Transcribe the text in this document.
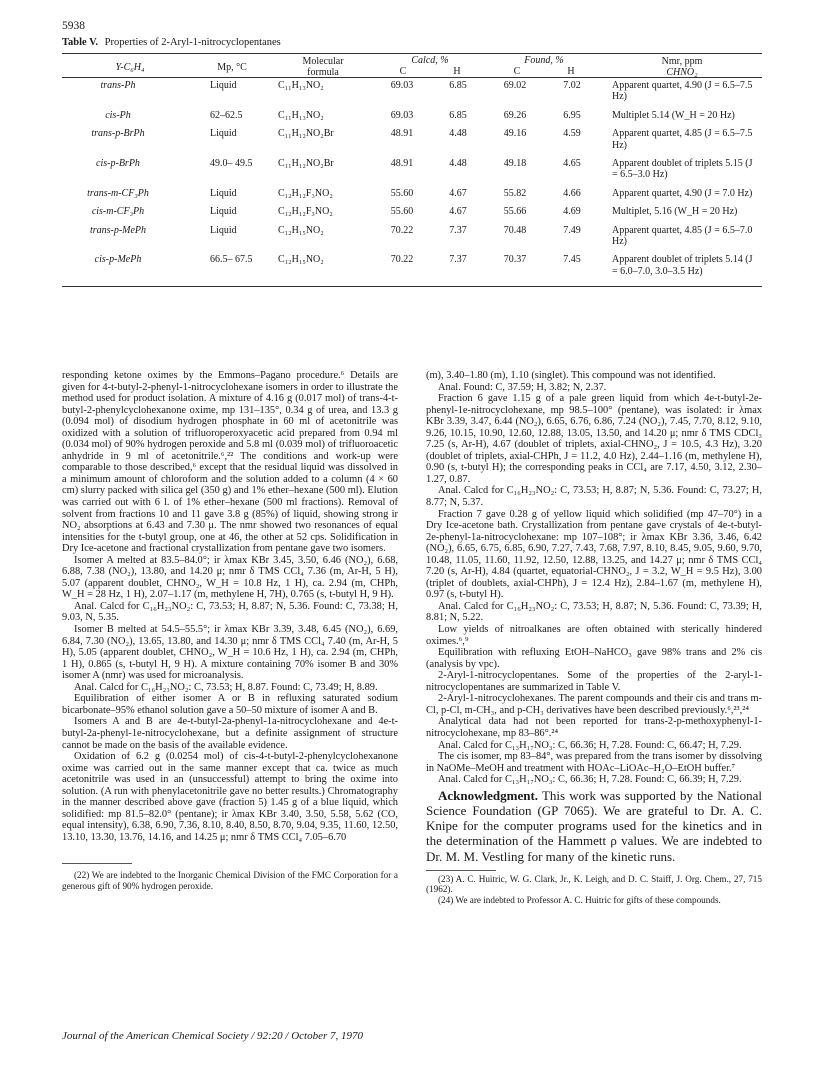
5938
Table V. Properties of 2-Aryl-1-nitrocyclopentanes
Y-C₆H₄	Mp, °C
Molecular
formula
Calcd, %
C	H
Found, %
C	H
Nmr, ppm
CHNO₂
trans-Ph	Liquid	C₁₁H₁₃NO₂	69.03	6.85	69.02	7.02	Apparent quartet, 4.90 (J = 6.5–7.5 Hz)
cis-Ph	62–62.5	C₁₁H₁₃NO₂	69.03	6.85	69.26	6.95	Multiplet 5.14 (W_H = 20 Hz)
trans-p-BrPh	Liquid	C₁₁H₁₂NO₂Br	48.91	4.48	49.16	4.59	Apparent quartet, 4.85 (J = 6.5–7.5 Hz)
cis-p-BrPh	49.0– 49.5	C₁₁H₁₂NO₂Br	48.91	4.48	49.18	4.65	Apparent doublet of triplets 5.15 (J = 6.5–3.0 Hz)
trans-m-CF₃Ph	Liquid	C₁₂H₁₂F₃NO₂	55.60	4.67	55.82	4.66	Apparent quartet, 4.90 (J = 7.0 Hz)
cis-m-CF₃Ph	Liquid	C₁₂H₁₂F₃NO₂	55.60	4.67	55.66	4.69	Multiplet, 5.16 (W_H = 20 Hz)
trans-p-MePh	Liquid	C₁₂H₁₅NO₂	70.22	7.37	70.48	7.49	Apparent quartet, 4.85 (J = 6.5–7.0 Hz)
cis-p-MePh	66.5– 67.5	C₁₂H₁₅NO₂	70.22	7.37	70.37	7.45	Apparent doublet of triplets 5.14 (J = 6.0–7.0, 3.0–3.5 Hz)

responding ketone oximes by the Emmons–Pagano procedure.⁶ Details are given for 4-t-butyl-2-phenyl-1-nitrocyclohexane isomers in order to illustrate the method used for product isolation. A mixture of 4.16 g (0.017 mol) of trans-4-t-butyl-2-phenylcyclohexanone oxime, mp 131–135°, 0.34 g of urea, and 13.3 g (0.094 mol) of disodium hydrogen phosphate in 60 ml of acetonitrile was oxidized with a solution of trifluoroperoxyacetic acid prepared from 0.94 ml (0.034 mol) of 90% hydrogen peroxide and 5.8 ml (0.039 mol) of trifluoroacetic anhydride in 9 ml of acetonitrile.⁶,²² The conditions and work-up were comparable to those described,⁶ except that the residual liquid was dissolved in a minimum amount of chloroform and the solution added to a column (4 × 60 cm) slurry packed with silica gel (350 g) and 1% ether–hexane (500 ml). Elution was carried out with 6 l. of 1% ether–hexane (500 ml fractions). Removal of solvent from fractions 10 and 11 gave 3.8 g (85%) of liquid, showing strong ir NO₂ absorptions at 6.43 and 7.30 μ. The nmr showed two resonances of equal intensities for the t-butyl group, one at 46, the other at 52 cps. Solidification in Dry Ice-acetone and fractional crystallization from pentane gave two isomers.

Isomer A melted at 83.5–84.0°; ir λmax KBr 3.45, 3.50, 6.46 (NO₂), 6.68, 6.88, 7.38 (NO₂), 13.80, and 14.20 μ; nmr δ TMS CCl₄ 7.36 (m, Ar-H, 5 H), 5.07 (apparent doublet, CHNO₂, W_H = 10.8 Hz, 1 H), ca. 2.94 (m, CHPh, W_H = 28 Hz, 1 H), 2.07–1.17 (m, methylene H, 7H), 0.765 (s, t-butyl H, 9 H).

Anal. Calcd for C₁₆H₂₃NO₂: C, 73.53; H, 8.87; N, 5.36. Found: C, 73.38; H, 9.03, N, 5.35.

Isomer B melted at 54.5–55.5°; ir λmax KBr 3.39, 3.48, 6.45 (NO₂), 6.69, 6.84, 7.30 (NO₂), 13.65, 13.80, and 14.30 μ; nmr δ TMS CCl₄ 7.40 (m, Ar-H, 5 H), 5.05 (apparent doublet, CHNO₂, W_H = 10.6 Hz, 1 H), ca. 2.94 (m, CHPh, 1 H), 0.865 (s, t-butyl H, 9 H). A mixture containing 70% isomer B and 30% isomer A (nmr) was used for microanalysis.

Anal. Calcd for C₁₆H₂₃NO₂: C, 73.53; H, 8.87. Found: C, 73.49; H, 8.89.

Equilibration of either isomer A or B in refluxing saturated sodium bicarbonate–95% ethanol solution gave a 50–50 mixture of isomer A and B.

Isomers A and B are 4e-t-butyl-2a-phenyl-1a-nitrocyclohexane and 4e-t-butyl-2a-phenyl-1e-nitrocyclohexane, but a definite assignment of structure cannot be made on the basis of the available evidence.

Oxidation of 6.2 g (0.0254 mol) of cis-4-t-butyl-2-phenylcyclohexanone oxime was carried out in the same manner except that ca. twice as much acetonitrile was used in an (unsuccessful) attempt to bring the oxime into solution. (A run with phenylacetonitrile gave no better results.) Chromatography in the manner described above gave (fraction 5) 1.45 g of a blue liquid, which solidified: mp 81.5–82.0° (pentane); ir λmax KBr 3.40, 3.50, 5.58, 5.62 (CO, equal intensity), 6.38, 6.90, 7.36, 8.10, 8.40, 8.50, 8.70, 9.04, 9.35, 11.60, 12.50, 13.10, 13.30, 13.76, 14.16, and 14.25 μ; nmr δ TMS CCl₄ 7.05–6.70

(22) We are indebted to the Inorganic Chemical Division of the FMC Corporation for a generous gift of 90% hydrogen peroxide.

(m), 3.40–1.80 (m), 1.10 (singlet). This compound was not identified.

Anal. Found: C, 37.59; H, 3.82; N, 2.37.

Fraction 6 gave 1.15 g of a pale green liquid from which 4e-t-butyl-2e-phenyl-1e-nitrocyclohexane, mp 98.5–100° (pentane), was isolated: ir λmax KBr 3.39, 3.47, 6.44 (NO₂), 6.65, 6.76, 6.86, 7.24 (NO₂), 7.45, 7.70, 8.12, 9.10, 9.26, 10.15, 10.90, 12.60, 12.88, 13.05, 13.50, and 14.20 μ; nmr δ TMS CDCl₃ 7.25 (s, Ar-H), 4.67 (doublet of triplets, axial-CHNO₂, J = 10.5, 4.3 Hz), 3.20 (doublet of triplets, axial-CHPh, J = 11.2, 4.0 Hz), 2.44–1.16 (m, methylene H), 0.90 (s, t-butyl H); the corresponding peaks in CCl₄ are 7.17, 4.50, 3.12, 2.30–1.27, 0.87.

Anal. Calcd for C₁₆H₂₃NO₂: C, 73.53; H, 8.87; N, 5.36. Found: C, 73.27; H, 8.77; N, 5.37.

Fraction 7 gave 0.28 g of yellow liquid which solidified (mp 47–70°) in a Dry Ice-acetone bath. Crystallization from pentane gave crystals of 4e-t-butyl-2e-phenyl-1a-nitrocyclohexane: mp 107–108°; ir λmax KBr 3.36, 3.46, 6.42 (NO₂), 6.65, 6.75, 6.85, 6.90, 7.27, 7.43, 7.68, 7.97, 8.10, 8.45, 9.05, 9.60, 9.70, 10.48, 11.05, 11.60, 11.92, 12.50, 12.88, 13.25, and 14.27 μ; nmr δ TMS CCl₄ 7.20 (s, Ar-H), 4.84 (quartet, equatorial-CHNO₂, J = 3.2, W_H = 9.5 Hz), 3.00 (triplet of doublets, axial-CHPh), J = 12.4 Hz), 2.84–1.67 (m, methylene H), 0.97 (s, t-butyl H).

Anal. Calcd for C₁₆H₂₃NO₂: C, 73.53; H, 8.87; N, 5.36. Found: C, 73.39; H, 8.81; N, 5.22.

Low yields of nitroalkanes are often obtained with sterically hindered oximes.⁶,⁹

Equilibration with refluxing EtOH–NaHCO₃ gave 98% trans and 2% cis (analysis by vpc).

2-Aryl-1-nitrocyclopentanes. Some of the properties of the 2-aryl-1-nitrocyclopentanes are summarized in Table V.

2-Aryl-1-nitrocyclohexanes. The parent compounds and their cis and trans m-Cl, p-Cl, m-CH₃, and p-CH₃ derivatives have been described previously.⁶,²³,²⁴

Analytical data had not been reported for trans-2-p-methoxyphenyl-1-nitrocyclohexane, mp 83–86°.²⁴

Anal. Calcd for C₁₃H₁₇NO₃: C, 66.36; H, 7.28. Found: C, 66.47; H, 7.29.

The cis isomer, mp 83–84°, was prepared from the trans isomer by dissolving in NaOMe–MeOH and treatment with HOAc–LiOAc–H₂O–EtOH buffer.⁷

Anal. Calcd for C₁₃H₁₇NO₃: C, 66.36; H, 7.28. Found: C, 66.39; H, 7.29.

Acknowledgment. This work was supported by the National Science Foundation (GP 7065). We are grateful to Dr. A. C. Knipe for the computer programs used for the kinetics and in the determination of the Hammett ρ values. We are indebted to Dr. M. M. Vestling for many of the kinetic runs.

(23) A. C. Huitric, W. G. Clark, Jr., K. Leigh, and D. C. Staiff, J. Org. Chem., 27, 715 (1962).

(24) We are indebted to Professor A. C. Huitric for gifts of these compounds.

Journal of the American Chemical Society / 92:20 / October 7, 1970
